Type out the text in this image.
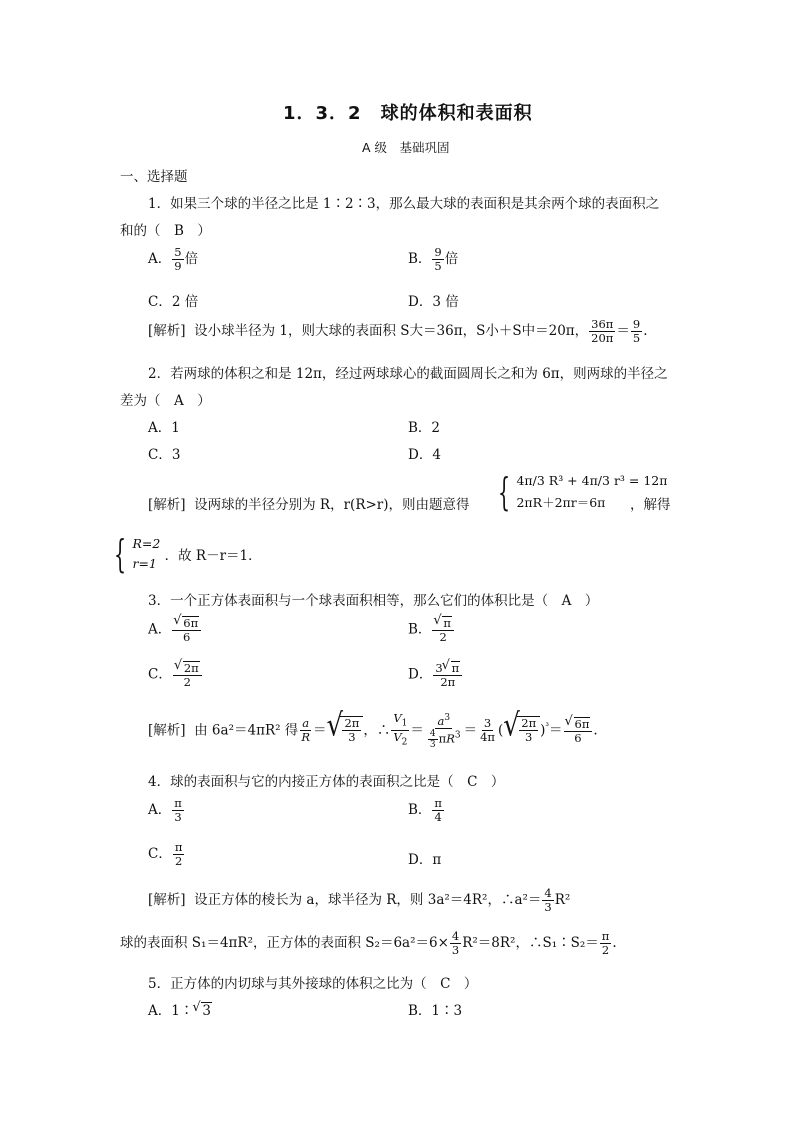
1．3．2　球的体积和表面积
A 级　基础巩固
一、选择题
1．如果三个球的半径之比是 1∶2∶3，那么最大球的表面积是其余两个球的表面积之
和的（　B　）
A． $\frac{5}{9}$ 倍	B． $\frac{9}{5}$ 倍
C．2 倍	D．3 倍
[解析] 设小球半径为 1，则大球的表面积 S大＝36π，S小＋S中＝20π， $\frac{36\pi}{20\pi} = \frac{9}{5}$ .
2．若两球的体积之和是 12π，经过两球球心的截面圆周长之和为 6π，则两球的半径之
差为（　A　）
A．1	B．2
C．3	D．4
[解析] 设两球的半径分别为 R，r(R>r)，则由题意得 { 4π/3 R³ + 4π/3 r³ = 12π
2πR＋2πr＝6π	，解得
{ R=2
r=1 ．故 R－r＝1．
3．一个正方体表面积与一个球表面积相等，那么它们的体积比是（　A　）
A． √ $\frac{6\pi}{6}$	B． √ $\frac{\pi}{2}$
C． √ $\frac{2\pi}{2}$	D． $\frac{3 √ \pi}{2\pi}$
[解析] 由 6a²＝4πR² 得 $\frac{a}{R}$ ＝ √ $\frac{2\pi}{3}$ ，∴ $\frac{V_1}{V_2} = \frac{a^3}{\frac{4}{3} \pi R^3} = \frac{3}{4\pi}$ ( √ $\frac{2\pi}{3} )^{^3}=$ √ $\frac{6\pi}{6}$ .
4．球的表面积与它的内接正方体的表面积之比是（　C　）
A． $\frac{\pi}{3}$	B． $\frac{\pi}{4}$
C． $\frac{\pi}{2}$	D．π
[解析] 设正方体的棱长为 a，球半径为 R，则 3a²＝4R²，∴a²＝ $\frac{4}{3} R^2$
球的表面积 S₁＝4πR²，正方体的表面积 $S_2=6a^2=6\times \frac{4}{3} R^2=8R^2$，∴S₁∶S₂＝ $\frac{\pi}{2}$ .
5．正方体的内切球与其外接球的体积之比为（　C　）
A．1∶ √ 3	B．1∶3
